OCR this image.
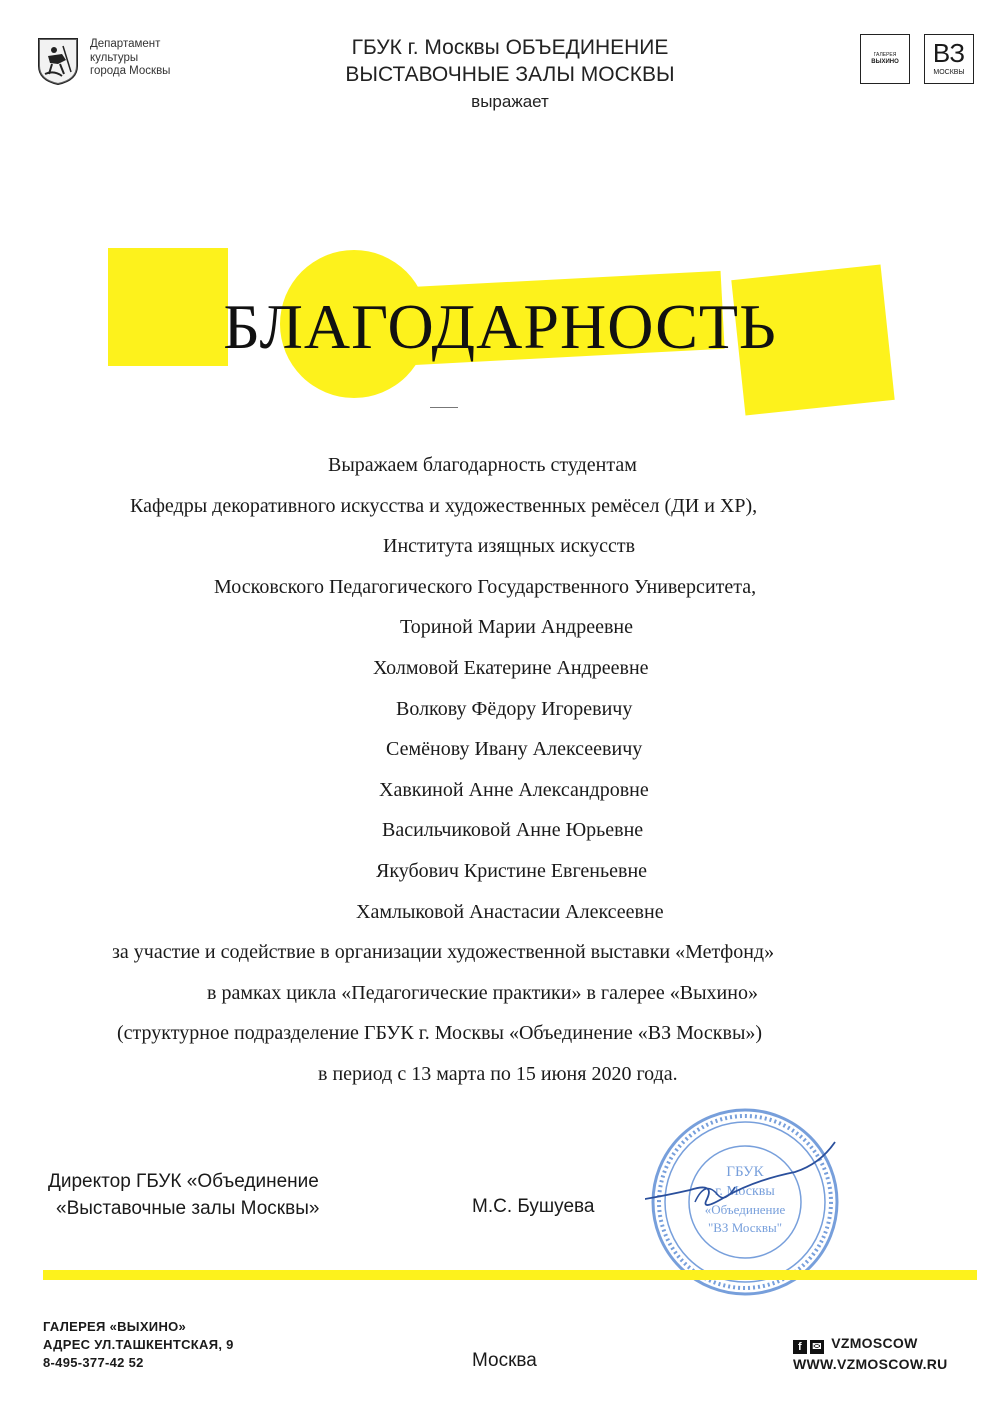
Департамент
культуры
города Москвы
ГБУК г. Москвы ОБЪЕДИНЕНИЕ
ВЫСТАВОЧНЫЕ ЗАЛЫ МОСКВЫ
выражает
ГАЛЕРЕЯ
ВЫХИНО	ВЗ
МОСКВЫ
БЛАГОДАРНОСТЬ
Выражаем благодарность студентам
Кафедры декоративного искусства и художественных ремёсел (ДИ и ХР),
Института изящных искусств
Московского Педагогического Государственного Университета,
Ториной Марии Андреевне
Холмовой Екатерине Андреевне
Волкову Фёдору Игоревичу
Семёнову Ивану Алексеевичу
Хавкиной Анне Александровне
Васильчиковой Анне Юрьевне
Якубович Кристине Евгеньевне
Хамлыковой Анастасии Алексеевне
за участие и содействие в организации художественной выставки «Метфонд»
в рамках цикла «Педагогические практики» в галерее «Выхино»
(структурное подразделение ГБУК г. Москвы «Объединение «ВЗ Москвы»)
в период с 13 марта по 15 июня 2020 года.
Директор ГБУК «Объединение
«Выставочные залы Москвы»	М.С. Бушуева
ГБУК
г. Москвы
«Объединение
"ВЗ Москвы"
ГАЛЕРЕЯ «ВЫХИНО»
АДРЕС УЛ.ТАШКЕНТСКАЯ, 9
8-495-377-42 52	Москва
f ✉ VZMOSCOW
WWW.VZMOSCOW.RU
